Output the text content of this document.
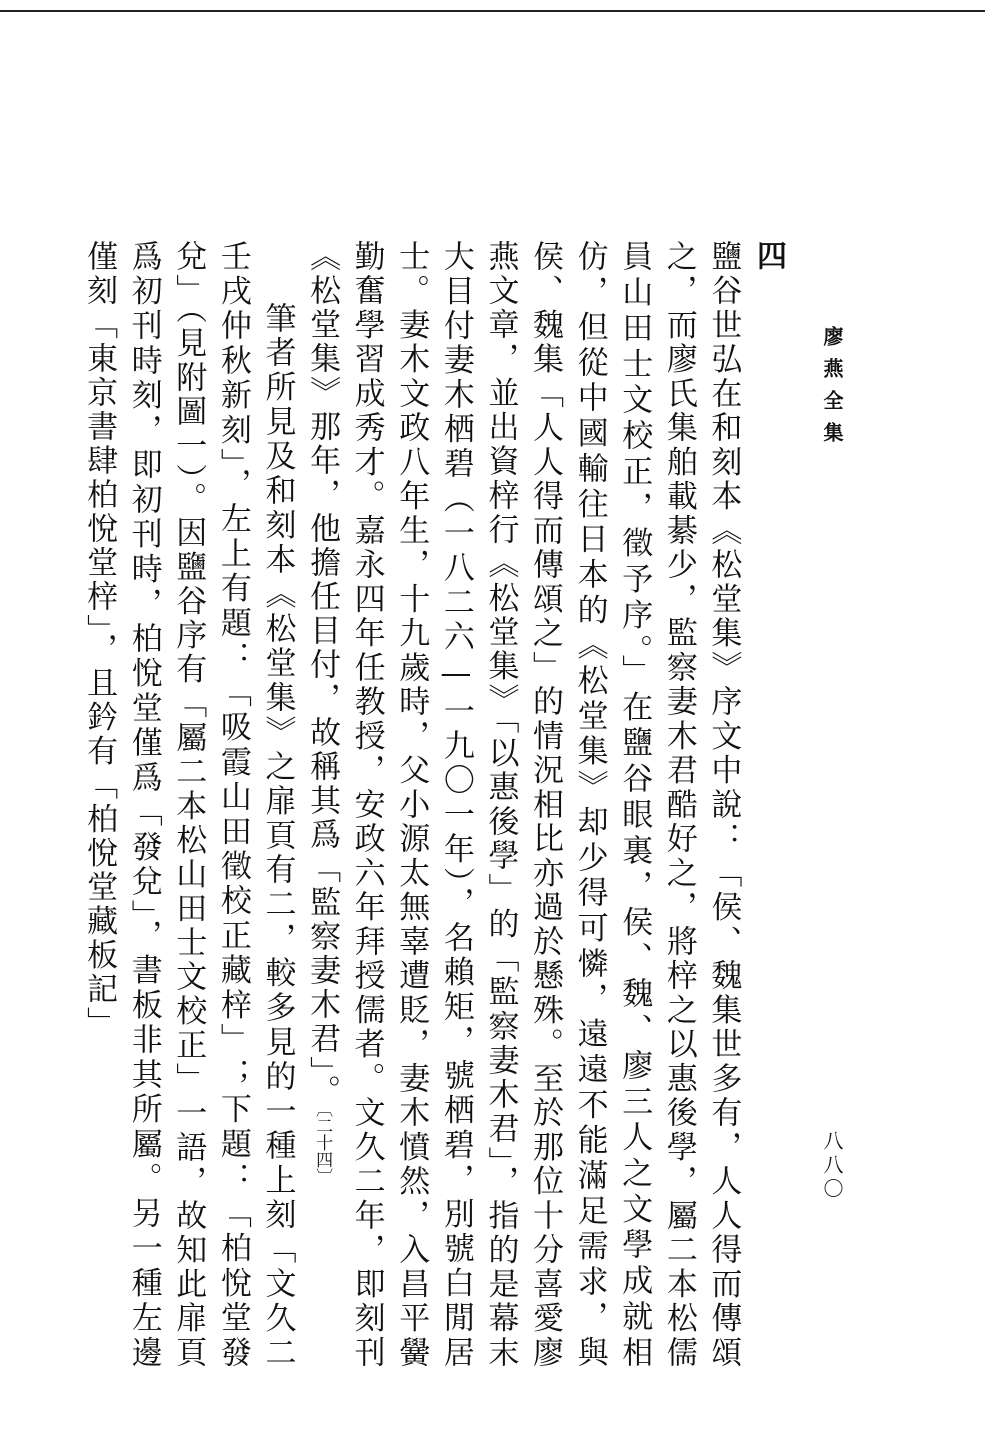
廖燕全集
八八〇

四

鹽谷世弘在和刻本《松堂集》序文中說：「侯、魏集世多有，人人得而傳頌之，而廖氏集舶載綦少，監察妻木君酷好之，將梓之以惠後學，屬二本松儒員山田士文校正，徵予序。」在鹽谷眼裏，侯、魏、廖三人之文學成就相仿，但從中國輸往日本的《松堂集》却少得可憐，遠遠不能滿足需求，與侯、魏集「人人得而傳頌之」的情況相比亦過於懸殊。至於那位十分喜愛廖燕文章，並出資梓行《松堂集》「以惠後學」的「監察妻木君」，指的是幕末大目付妻木栖碧（一八二六—一九〇一年），名賴矩，號栖碧，別號白閒居士。妻木文政八年生，十九歲時，父小源太無辜遭貶，妻木憤然，入昌平黌勤奮學習成秀才。嘉永四年任教授，安政六年拜授儒者。文久二年，即刻刊《松堂集》那年，他擔任目付，故稱其爲「監察妻木君」。〔二十四〕

筆者所見及和刻本《松堂集》之扉頁有二，較多見的一種上刻「文久二壬戌仲秋新刻」，左上有題：「吸霞山田徵校正藏梓」；下題：「柏悅堂發兌」（見附圖一）。因鹽谷序有「屬二本松山田士文校正」一語，故知此扉頁爲初刊時刻，即初刊時，柏悅堂僅爲「發兌」，書板非其所屬。另一種左邊僅刻「東京書肆柏悅堂梓」，且鈐有「柏悅堂藏板記」
